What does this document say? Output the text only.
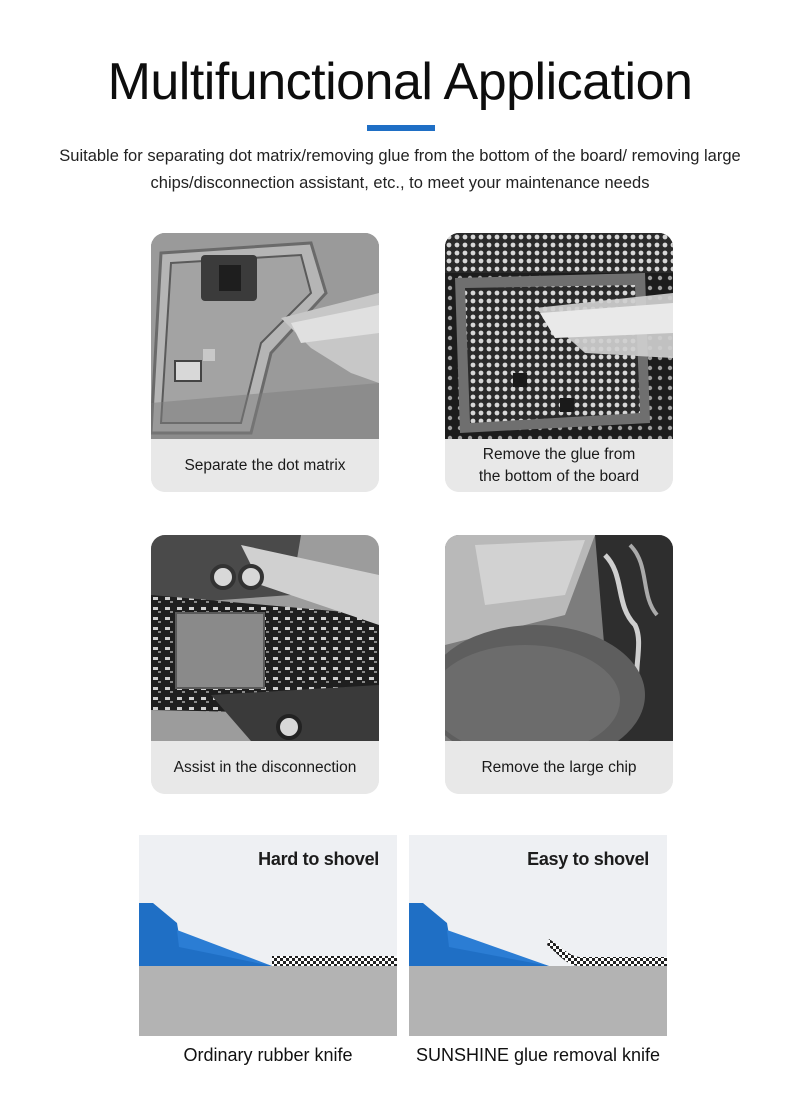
Multifunctional Application
Suitable for separating dot matrix/removing glue from the bottom of the board/ removing large chips/disconnection assistant, etc., to meet your maintenance needs
Separate the dot matrix
Remove the glue from
the bottom of the board
Assist in the disconnection	Remove the large chip
Hard to shovel	Easy to shovel
Ordinary rubber knife	SUNSHINE glue removal knife
